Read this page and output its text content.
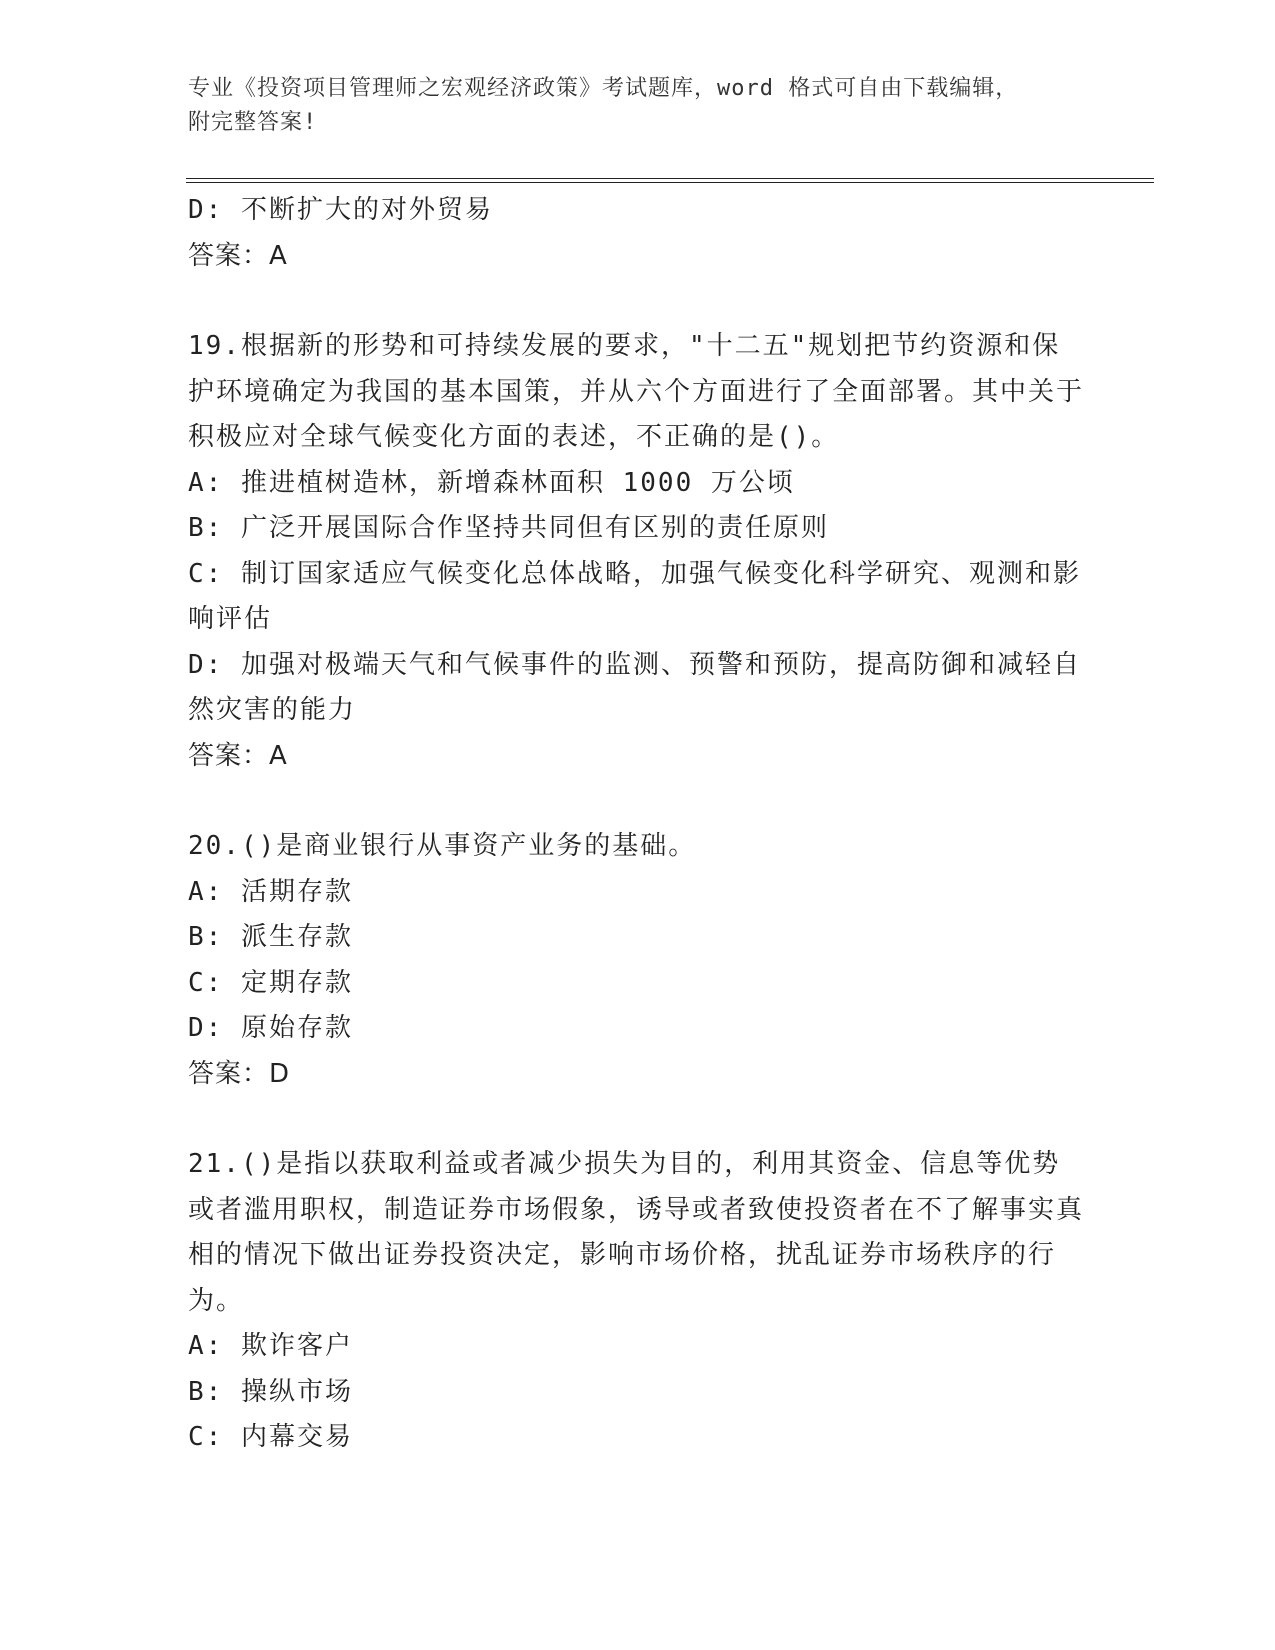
专业《投资项目管理师之宏观经济政策》考试题库，word 格式可自由下载编辑，
附完整答案!

D: 不断扩大的对外贸易

答案：A

19.根据新的形势和可持续发展的要求，"十二五"规划把节约资源和保护环境确定为我国的基本国策，并从六个方面进行了全面部署。其中关于积极应对全球气候变化方面的表述，不正确的是()。

A: 推进植树造林，新增森林面积 1000 万公顷

B: 广泛开展国际合作坚持共同但有区别的责任原则

C: 制订国家适应气候变化总体战略，加强气候变化科学研究、观测和影响评估

D: 加强对极端天气和气候事件的监测、预警和预防，提高防御和减轻自然灾害的能力

答案：A

20.()是商业银行从事资产业务的基础。

A: 活期存款

B: 派生存款

C: 定期存款

D: 原始存款

答案：D

21.()是指以获取利益或者减少损失为目的，利用其资金、信息等优势或者滥用职权，制造证券市场假象，诱导或者致使投资者在不了解事实真相的情况下做出证券投资决定，影响市场价格，扰乱证券市场秩序的行为。

A: 欺诈客户

B: 操纵市场

C: 内幕交易
